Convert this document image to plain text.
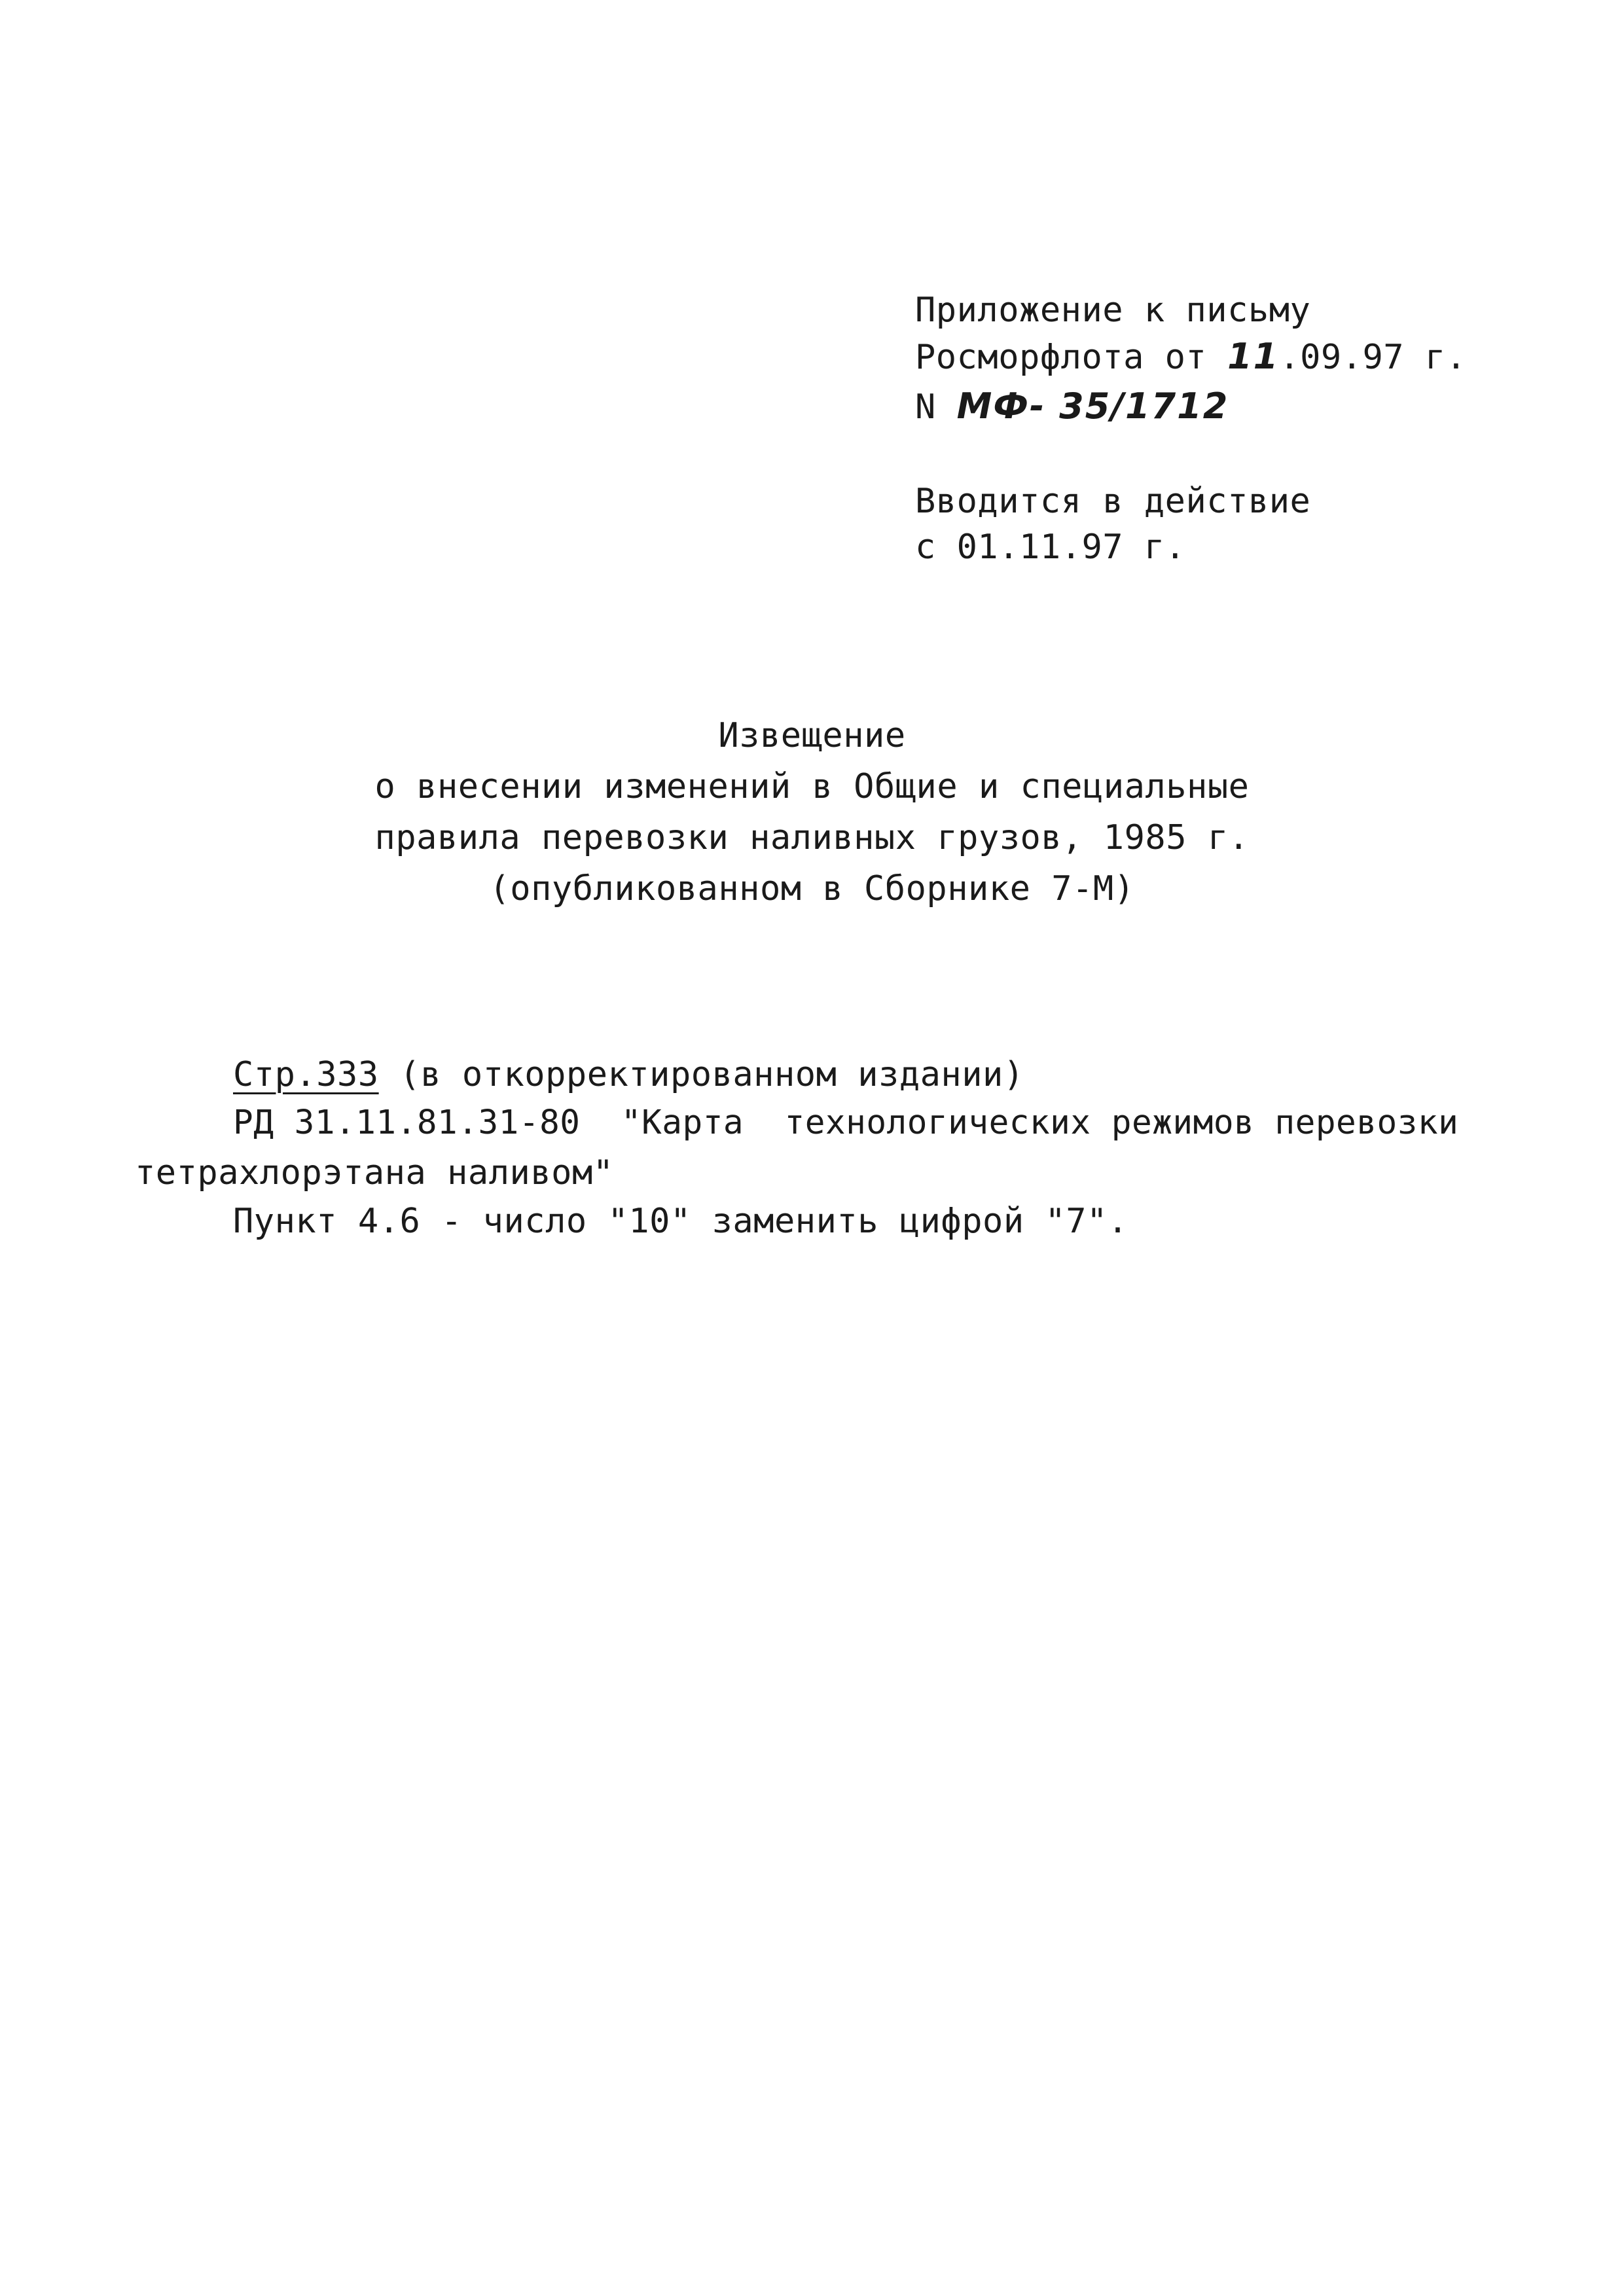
Приложение к письму
Росморфлота от 11.09.97 г.
N МФ- 35/1712
Вводится в действие
с 01.11.97 г.
Извещение
о внесении изменений в Общие и специальные
правила перевозки наливных грузов, 1985 г.
(опубликованном в Сборнике 7-М)
Стр.333 (в откорректированном издании)
РД 31.11.81.31-80  "Карта  технологических режимов перевозки
тетрахлорэтана наливом"
Пункт 4.6 - число "10" заменить цифрой "7".
